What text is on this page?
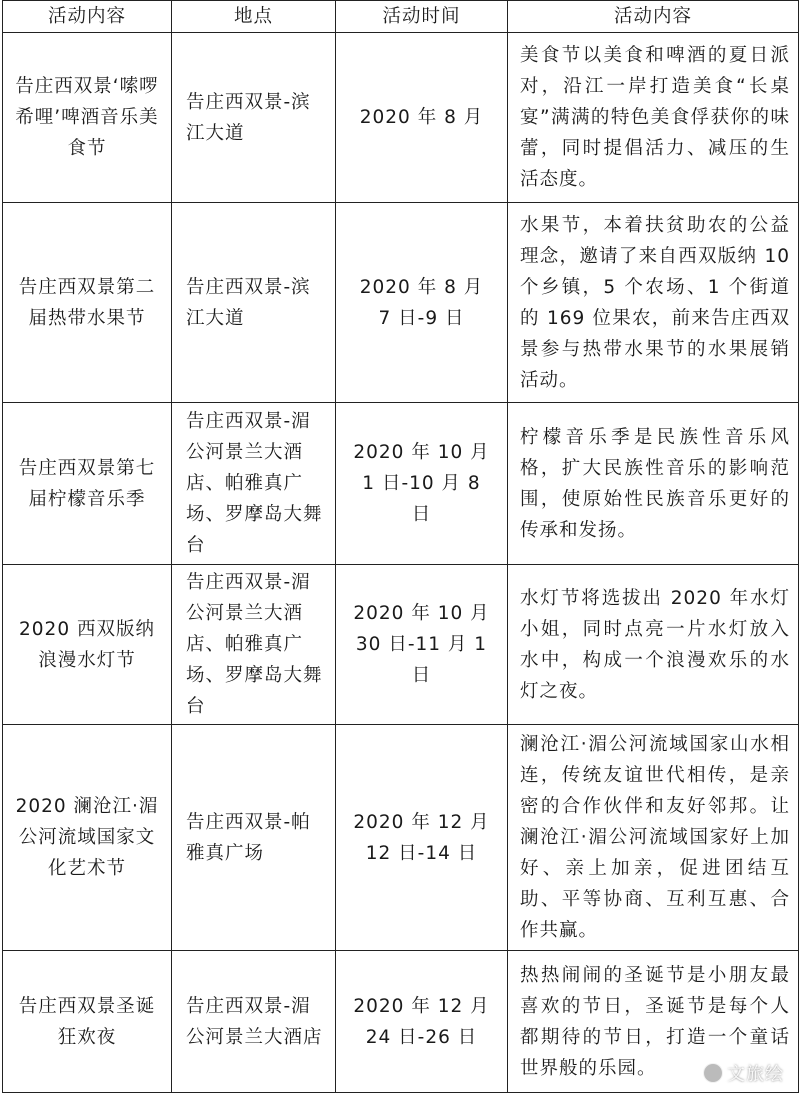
活动内容	地点	活动时间	活动内容
告庄西双景‘嗦啰希哩’啤酒音乐美食节	告庄西双景-滨江大道	2020 年 8 月	美食节以美食和啤酒的夏日派对，沿江一岸打造美食“长桌宴”满满的特色美食俘获你的味蕾，同时提倡活力、减压的生活态度。
告庄西双景第二届热带水果节	告庄西双景-滨江大道	2020 年 8 月 7 日-9 日	水果节，本着扶贫助农的公益理念，邀请了来自西双版纳 10 个乡镇，5 个农场、1 个街道的 169 位果农，前来告庄西双景参与热带水果节的水果展销活动。
告庄西双景第七届柠檬音乐季	告庄西双景-湄公河景兰大酒店、帕雅真广场、罗摩岛大舞台	2020 年 10 月 1 日-10 月 8 日	柠檬音乐季是民族性音乐风格，扩大民族性音乐的影响范围，使原始性民族音乐更好的传承和发扬。
2020 西双版纳浪漫水灯节	告庄西双景-湄公河景兰大酒店、帕雅真广场、罗摩岛大舞台	2020 年 10 月 30 日-11 月 1 日	水灯节将选拔出 2020 年水灯小姐，同时点亮一片水灯放入水中，构成一个浪漫欢乐的水灯之夜。
2020 澜沧江·湄公河流域国家文化艺术节	告庄西双景-帕雅真广场	2020 年 12 月 12 日-14 日	澜沧江·湄公河流域国家山水相连，传统友谊世代相传，是亲密的合作伙伴和友好邻邦。让澜沧江·湄公河流域国家好上加好、亲上加亲，促进团结互助、平等协商、互利互惠、合作共赢。
告庄西双景圣诞狂欢夜	告庄西双景-湄公河景兰大酒店	2020 年 12 月 24 日-26 日	热热闹闹的圣诞节是小朋友最喜欢的节日，圣诞节是每个人都期待的节日，打造一个童话世界般的乐园。	文旅绘
